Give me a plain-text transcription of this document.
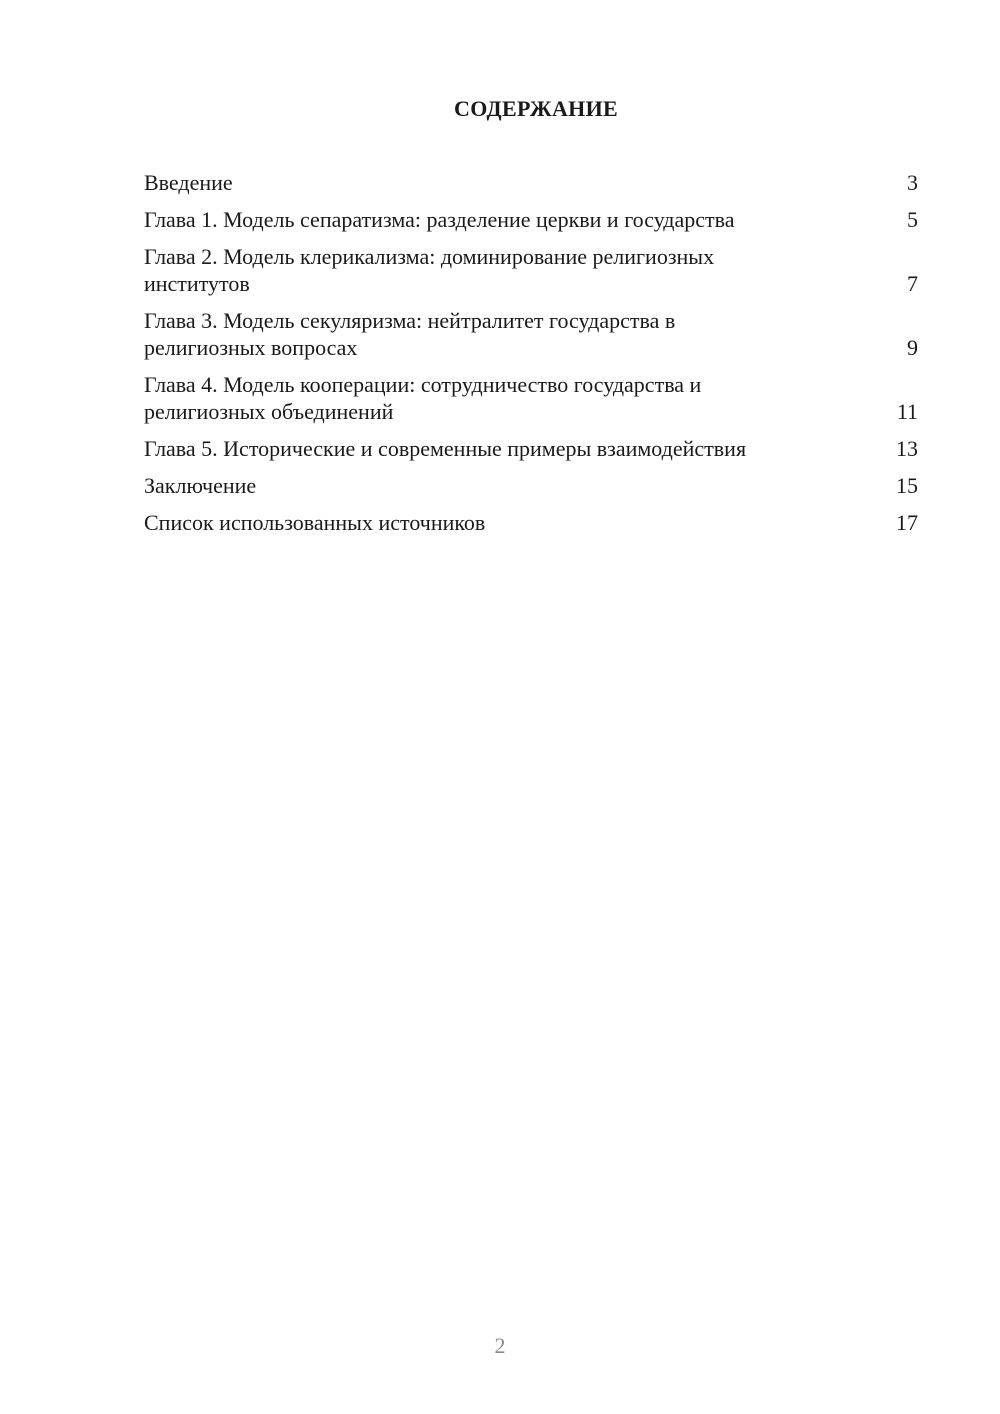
СОДЕРЖАНИЕ
Введение	3
Глава 1. Модель сепаратизма: разделение церкви и государства	5
Глава 2. Модель клерикализма: доминирование религиозных институтов	7
Глава 3. Модель секуляризма: нейтралитет государства в религиозных вопросах	9
Глава 4. Модель кооперации: сотрудничество государства и религиозных объединений	11
Глава 5. Исторические и современные примеры взаимодействия	13
Заключение	15
Список использованных источников	17
2
